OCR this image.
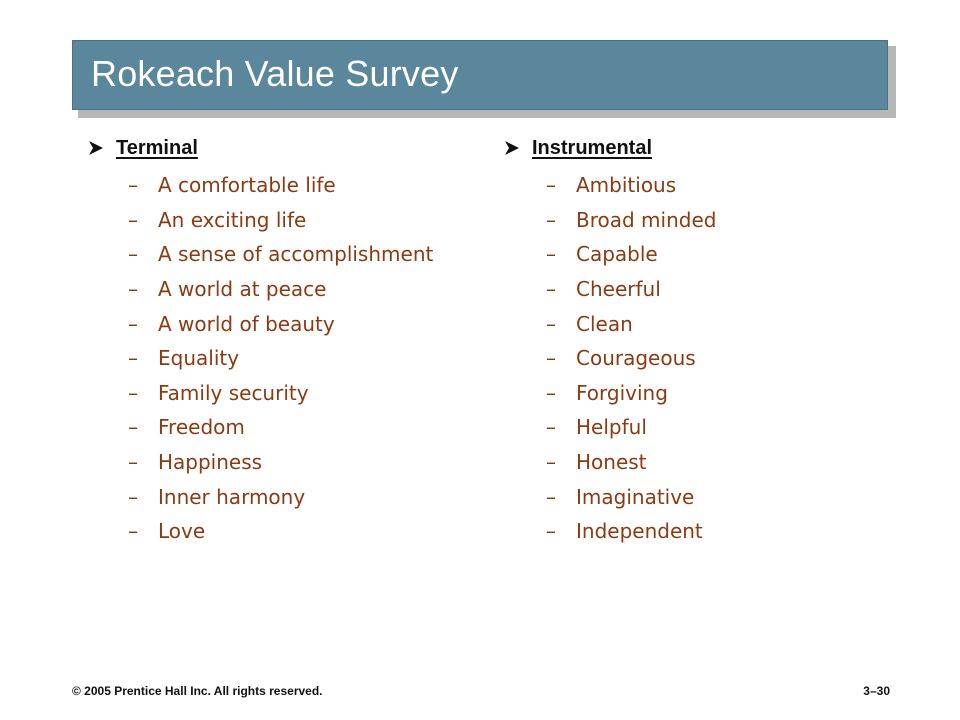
Rokeach Value Survey
Terminal
–	A comfortable life
–	An exciting life
–	A sense of accomplishment
–	A world at peace
–	A world of beauty
–	Equality
–	Family security
–	Freedom
–	Happiness
–	Inner harmony
–	Love
Instrumental
–	Ambitious
–	Broad minded
–	Capable
–	Cheerful
–	Clean
–	Courageous
–	Forgiving
–	Helpful
–	Honest
–	Imaginative
–	Independent
© 2005 Prentice Hall Inc. All rights reserved.	3–30
